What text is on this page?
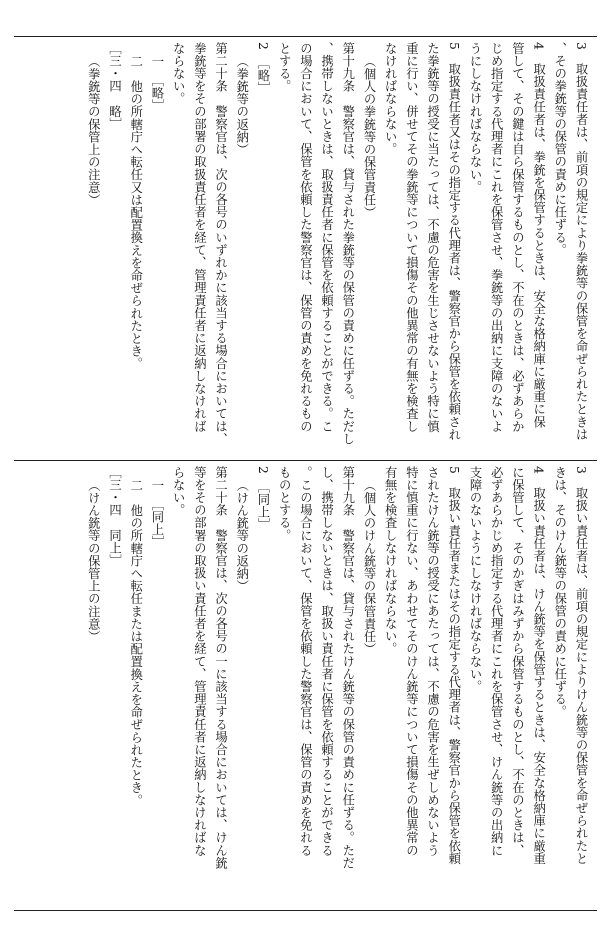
3　取扱責任者は、前項の規定により拳銃等の保管を命ぜられたときは
、その拳銃等の保管の責めに任ずる。
4　取扱責任者は、拳銃を保管するときは、安全な格納庫に厳重に保
管して、その鍵は自ら保管するものとし、不在のときは、必ずあらか
じめ指定する代理者にこれを保管させ、拳銃等の出納に支障のないよ
うにしなければならない。
5　取扱責任者又はその指定する代理者は、警察官から保管を依頼され
た拳銃等の授受に当たっては、不慮の危害を生じさせないよう特に慎
重に行い、併せてその拳銃等について損傷その他異常の有無を検査し
なければならない。
（個人の拳銃等の保管責任）
第十九条　警察官は、貸与された拳銃等の保管の責めに任ずる。ただし
、携帯しないときは、取扱責任者に保管を依頼することができる。こ
の場合において、保管を依頼した警察官は、保管の責めを免れるもの
とする。
2　［略］
（拳銃等の返納）
第二十条　警察官は、次の各号のいずれかに該当する場合においては、
拳銃等をその部署の取扱責任者を経て、管理責任者に返納しなければ
ならない。
一　［略］
二　他の所轄庁へ転任又は配置換えを命ぜられたとき。
［三・四　略］
（拳銃等の保管上の注意）
3　取扱い責任者は、前項の規定によりけん銃等の保管を命ぜられたと
きは、そのけん銃等の保管の責めに任ずる。
4　取扱い責任者は、けん銃等を保管するときは、安全な格納庫に厳重
に保管して、そのかぎはみずから保管するものとし、不在のときは、
必ずあらかじめ指定する代理者にこれを保管させ、けん銃等の出納に
支障のないようにしなければならない。
5　取扱い責任者またはその指定する代理者は、警察官から保管を依頼
されたけん銃等の授受にあたっては、不慮の危害を生ぜしめないよう
特に慎重に行ない、あわせてそのけん銃等について損傷その他異常の
有無を検査しなければならない。
（個人のけん銃等の保管責任）
第十九条　警察官は、貸与されたけん銃等の保管の責めに任ずる。ただ
し、携帯しないときは、取扱い責任者に保管を依頼することができる
。この場合において、保管を依頼した警察官は、保管の責めを免れる
ものとする。
2　［同上］
（けん銃等の返納）
第二十条　警察官は、次の各号の一に該当する場合においては、けん銃
等をその部署の取扱い責任者を経て、管理責任者に返納しなければな
らない。
一　［同上］
二　他の所轄庁へ転任または配置換えを命ぜられたとき。
［三・四　同上］
（けん銃等の保管上の注意）
